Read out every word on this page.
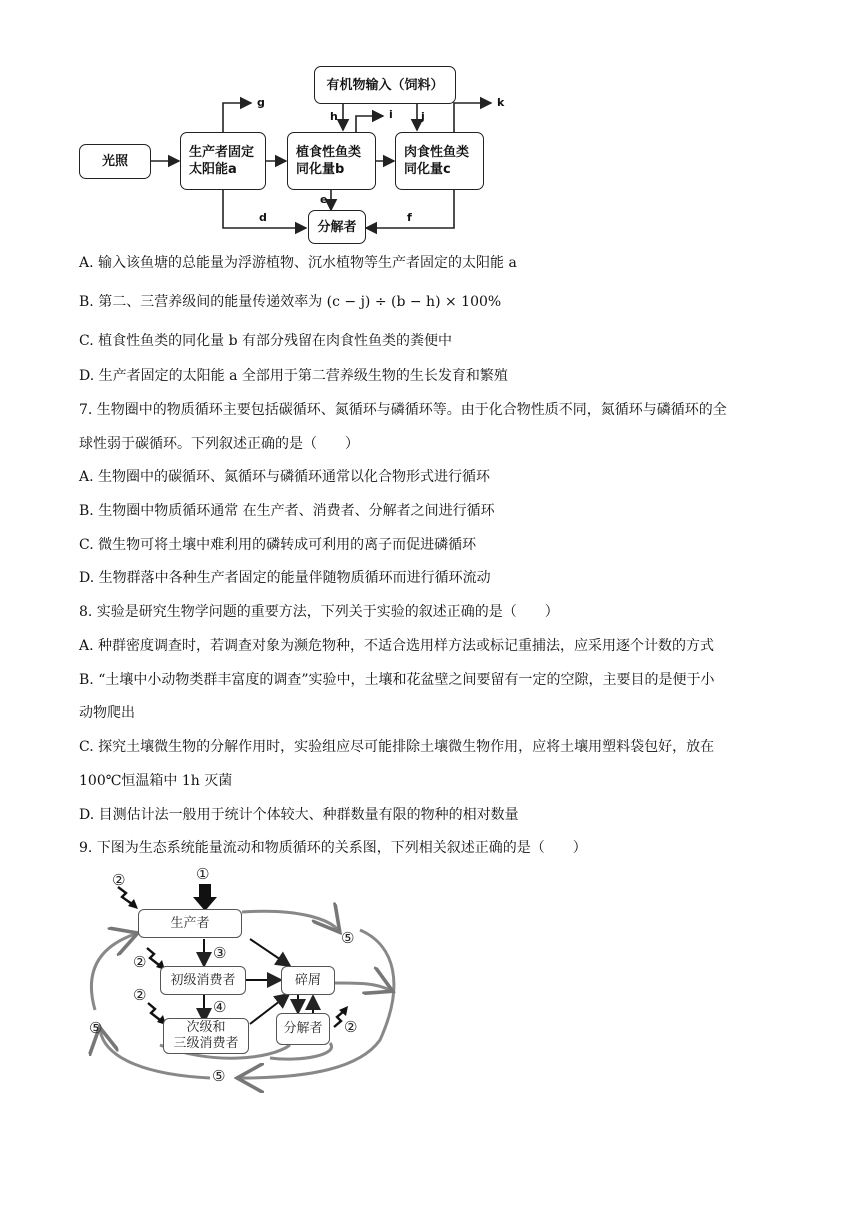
光照
生产者固定
太阳能a
植食性鱼类
同化量b
肉食性鱼类
同化量c
有机物输入（饲料）
分解者
g
h	i	j
k
e
d	f
A. 输入该鱼塘的总能量为浮游植物、沉水植物等生产者固定的太阳能 a
B. 第二、三营养级间的能量传递效率为 (c − j) ÷ (b − h) × 100%
C. 植食性鱼类的同化量 b 有部分残留在肉食性鱼类的粪便中
D. 生产者固定的太阳能 a 全部用于第二营养级生物的生长发育和繁殖
7. 生物圈中的物质循环主要包括碳循环、氮循环与磷循环等。由于化合物性质不同，氮循环与磷循环的全
球性弱于碳循环。下列叙述正确的是（　　）
A. 生物圈中的碳循环、氮循环与磷循环通常以化合物形式进行循环
B. 生物圈中物质循环通常 在生产者、消费者、分解者之间进行循环
C. 微生物可将土壤中难利用的磷转成可利用的离子而促进磷循环
D. 生物群落中各种生产者固定的能量伴随物质循环而进行循环流动
8. 实验是研究生物学问题的重要方法，下列关于实验的叙述正确的是（　　）
A. 种群密度调查时，若调查对象为濒危物种，不适合选用样方法或标记重捕法，应采用逐个计数的方式
B. “土壤中小动物类群丰富度的调查”实验中，土壤和花盆壁之间要留有一定的空隙，主要目的是便于小
动物爬出
C. 探究土壤微生物的分解作用时，实验组应尽可能排除土壤微生物作用，应将土壤用塑料袋包好，放在
100℃恒温箱中 1h 灭菌
D. 目测估计法一般用于统计个体较大、种群数量有限的物种的相对数量
9. 下图为生态系统能量流动和物质循环的关系图，下列相关叙述正确的是（　　）
生产者
初级消费者
次级和
三级消费者
碎屑
分解者
①
②
②
②
②
③
④
⑤
⑤
⑤
